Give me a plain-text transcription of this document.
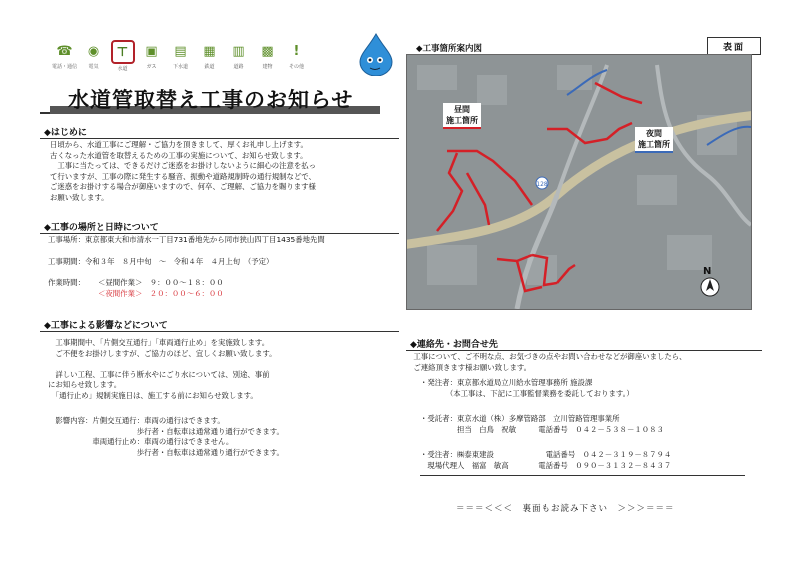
☎
電話・通信
◉
電気
⊤
水道
▣
ガス
▤
下水道
▦
鉄道
▥
道路
▩
建物
!
その他
水道管取替え工事のお知らせ
◆はじめに
日頃から、水道工事にご理解・ご協力を頂きまして、厚くお礼申し上げます。
古くなった水道管を取替えるための工事の実施について、お知らせ致します。
　工事に当たっては、できるだけご迷惑をお掛けしないように細心の注意を払っ
て行いますが、工事の際に発生する騒音、振動や道路規制時の通行規制などで、
ご迷惑をお掛けする場合が御座いますので、何卒、ご理解、ご協力を賜ります様
お願い致します。
◆工事の場所と日時について
工事場所：東京都東大和市清水一丁目731番地先から同市狭山四丁目1435番地先間
工事期間：令和３年　８月中旬　～　令和４年　４月上旬　（予定）
作業時間： ＜昼間作業＞　９：００～１８：００
＜夜間作業＞　２０：００～６：００
◆工事による影響などについて
　工事期間中、「片側交互通行」「車両通行止め」を実施致します。
　ご不便をお掛けしますが、ご協力のほど、宜しくお願い致します。

　詳しい工程、工事に伴う断水やにごり水については、別途、事前
にお知らせ致します。
　「通行止め」規制実施日は、施工する前にお知らせ致します。
　影響内容：片側交互通行：車両の通行はできます。
　　　　　　　　　　　　歩行者・自転車は通常通り通行ができます。
　　　　　　車両通行止め：車両の通行はできません。
　　　　　　　　　　　　歩行者・自転車は通常通り通行ができます。
◆工事箇所案内図	表面
128
N
昼間
施工箇所
夜間
施工箇所
◆連絡先・お問合せ先
　工事について、ご不明な点、お気づきの点やお問い合わせなどが御座いましたら、
　ご連絡頂きます様お願い致します。
・発注者：東京都水道局立川給水管理事務所 施設課
　　　　（本工事は、下記に工事監督業務を委託しております。）
・受託者：東京水道（株）多摩管路部　立川管路管理事業所
　　　　　担当　白鳥　祝敏　　　電話番号　０４２－５３８－１０８３
・受注者：㈱泰東建設　　　　　　　電話番号　０４２－３１９－８７９４
　現場代理人　福富　敏高　　　　電話番号　０９０－３１３２－８４３７
＝＝＝＜＜＜　裏面もお読み下さい　＞＞＞＝＝＝
